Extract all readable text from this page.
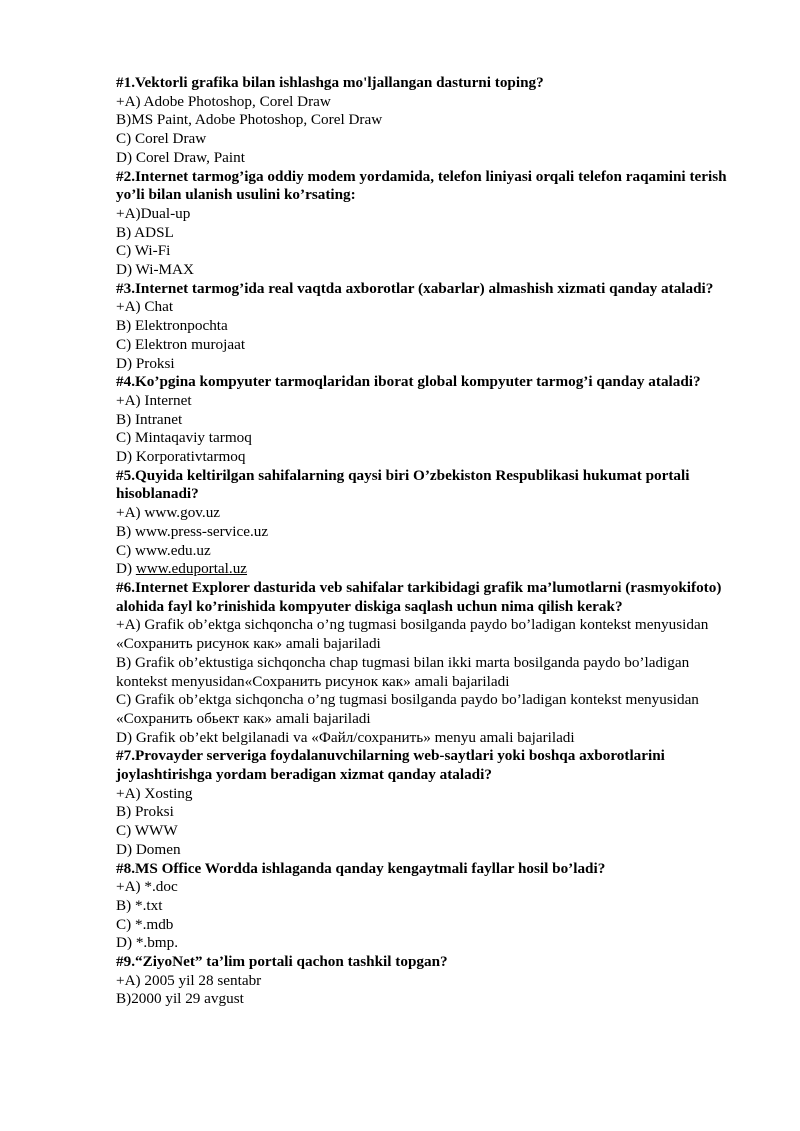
#1.Vektorli grafika bilan ishlashga mo'ljallangan dasturni toping?

+A) Adobe Photoshop, Corel Draw

B)MS Paint, Adobe Photoshop, Corel Draw

C) Corel Draw

D) Corel Draw, Paint

#2.Internet tarmog’iga oddiy modem yordamida, telefon liniyasi orqali telefon raqamini terish yo’li bilan ulanish usulini ko’rsating:

+A)Dual-up

B) ADSL

C) Wi-Fi

D) Wi-MAX

#3.Internet tarmog’ida real vaqtda axborotlar (xabarlar) almashish xizmati qanday ataladi?

+A) Chat

B) Elektronpochta

C) Elektron murojaat

D) Proksi

#4.Ko’pgina kompyuter tarmoqlaridan iborat global kompyuter tarmog’i qanday ataladi?

+A) Internet

B) Intranet

C) Mintaqaviy tarmoq

D) Korporativtarmoq

#5.Quyida keltirilgan sahifalarning qaysi biri O’zbekiston Respublikasi hukumat portali hisoblanadi?

+A) www.gov.uz

B) www.press-service.uz

C) www.edu.uz

D) www.eduportal.uz

#6.Internet Explorer dasturida veb sahifalar tarkibidagi grafik ma’lumotlarni (rasmyokifoto) alohida fayl ko’rinishida kompyuter diskiga saqlash uchun nima qilish kerak?

+A) Grafik ob’ektga sichqoncha o’ng tugmasi bosilganda paydo bo’ladigan kontekst menyusidan «Сохранить рисунок как» amali bajariladi

B) Grafik ob’ektustiga sichqoncha chap tugmasi bilan ikki marta bosilganda paydo bo’ladigan kontekst menyusidan«Сохранить рисунок как» amali bajariladi

C) Grafik ob’ektga sichqoncha o’ng tugmasi bosilganda paydo bo’ladigan kontekst menyusidan «Сохранить обьект как» amali bajariladi

D) Grafik ob’ekt belgilanadi va «Файл/сохранить» menyu amali bajariladi

#7.Provayder serveriga foydalanuvchilarning web-saytlari yoki boshqa axborotlarini joylashtirishga yordam beradigan xizmat qanday ataladi?

+A) Xosting

B) Proksi

C) WWW

D) Domen

#8.MS Office Wordda ishlaganda qanday kengaytmali fayllar hosil bo’ladi?

+A) *.doc

B) *.txt

C) *.mdb

D) *.bmp.

#9.“ZiyoNet” ta’lim portali qachon tashkil topgan?

+A) 2005 yil 28 sentabr

B)2000 yil 29 avgust
